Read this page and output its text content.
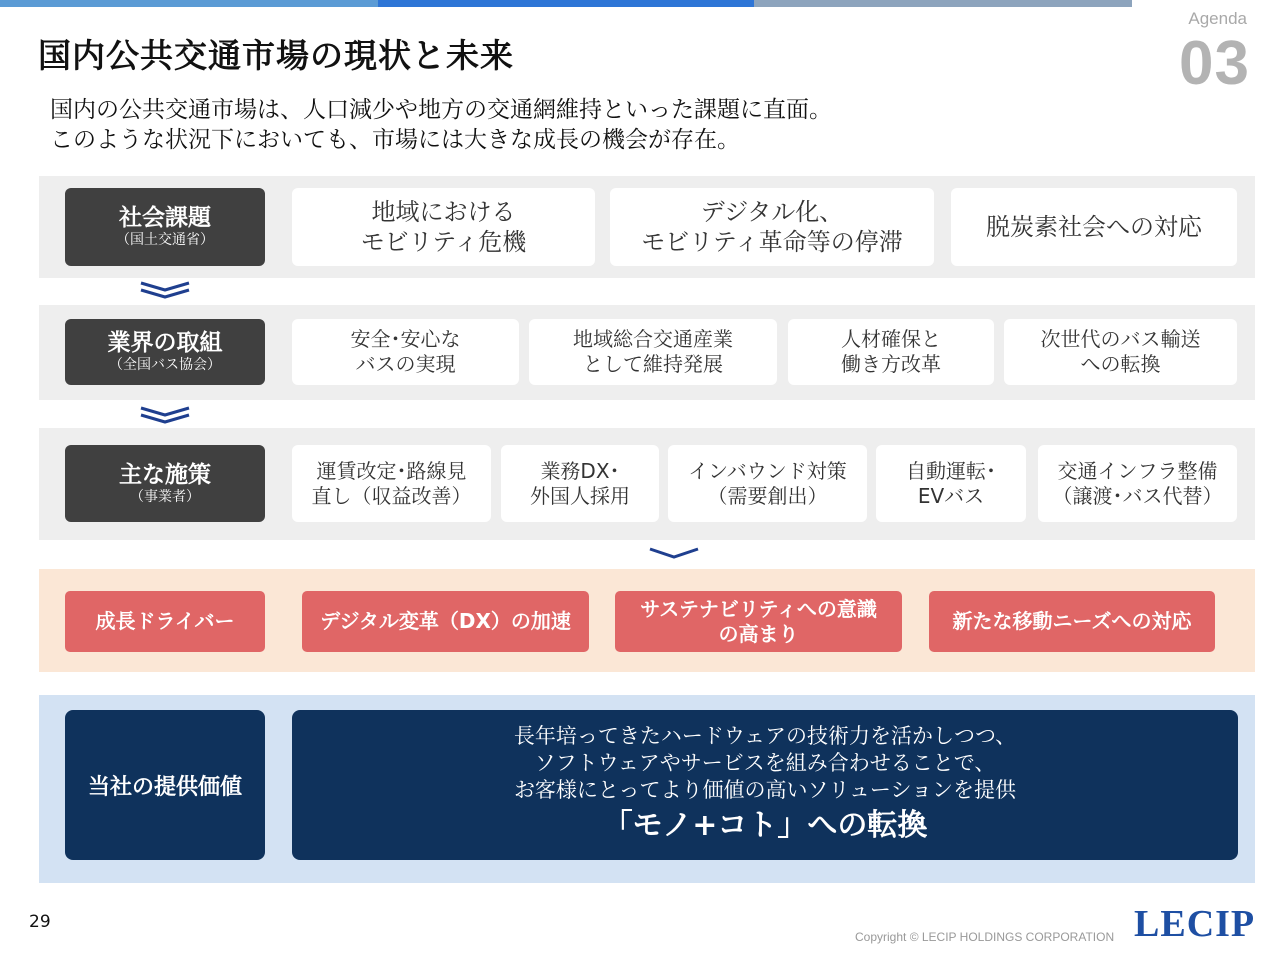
国内公共交通市場の現状と未来
Agenda
03
国内の公共交通市場は、人口減少や地方の交通網維持といった課題に直面。
このような状況下においても、市場には大きな成長の機会が存在。
社会課題
（国土交通省）
地域における
モビリティ危機
デジタル化、
モビリティ革命等の停滞
脱炭素社会への対応
業界の取組
（全国バス協会）
安全･安心な
バスの実現
地域総合交通産業
として維持発展
人材確保と
働き方改革
次世代のバス輸送
への転換
主な施策
（事業者）
運賃改定･路線見
直し（収益改善）
業務DX･
外国人採用
インバウンド対策
（需要創出）
自動運転･
EVバス
交通インフラ整備
（譲渡･バス代替）
成長ドライバー	デジタル変革（DX）の加速
サステナビリティへの意識
の高まり
新たな移動ニーズへの対応
当社の提供価値
長年培ってきたハードウェアの技術力を活かしつつ、
ソフトウェアやサービスを組み合わせることで、
お客様にとってより価値の高いソリューションを提供
「モノ+コト」への転換
29
Copyright © LECIP HOLDINGS CORPORATION LECIP
